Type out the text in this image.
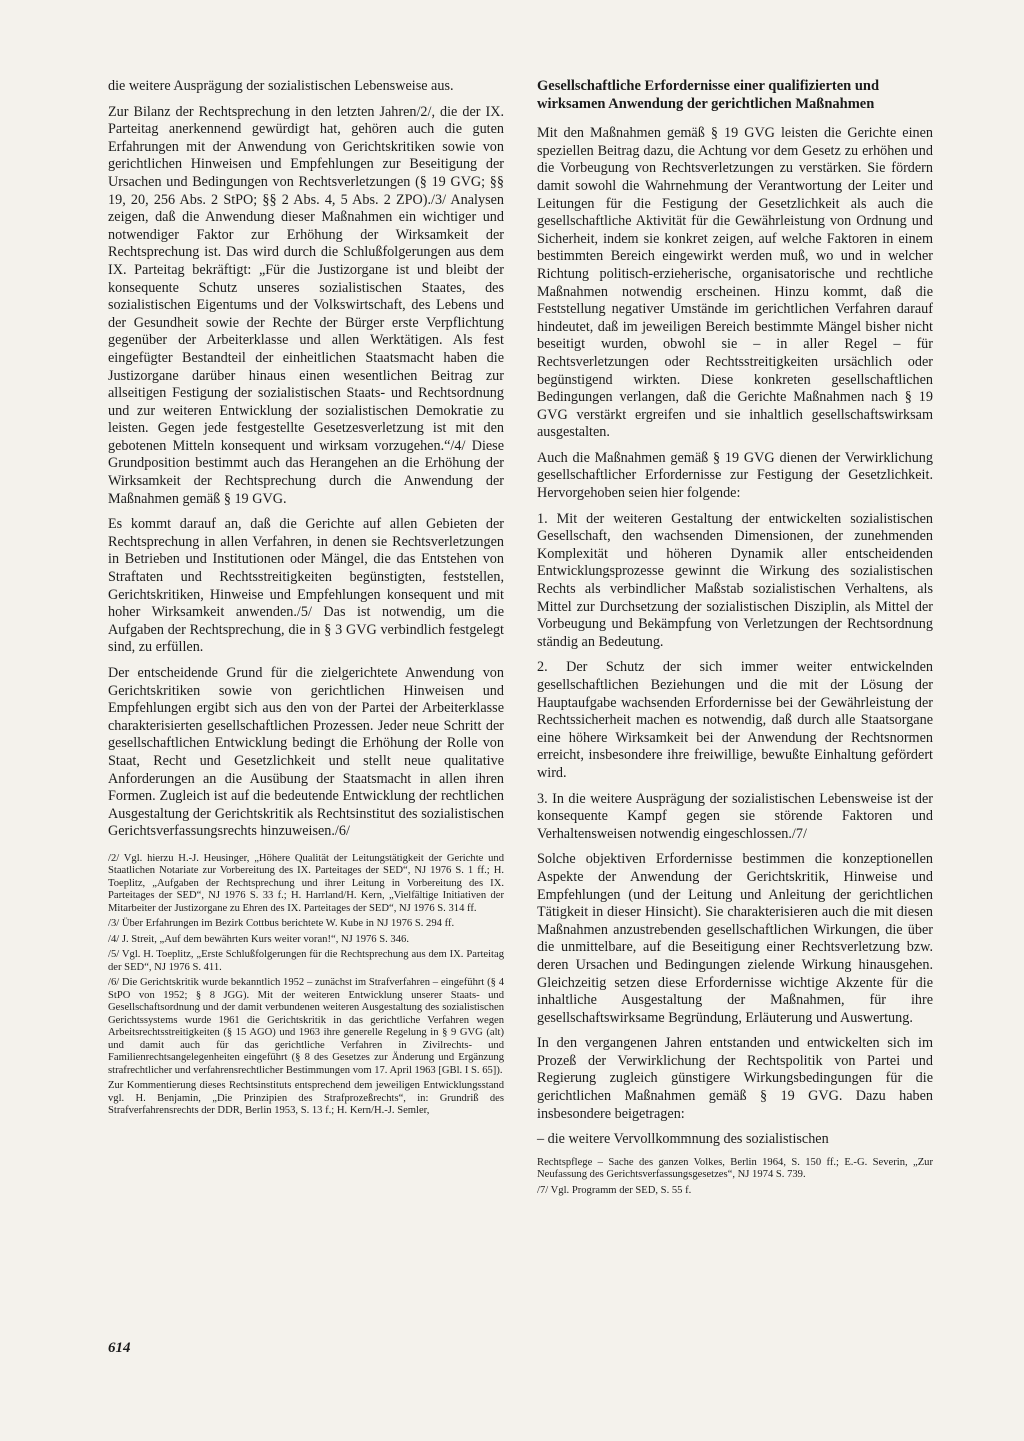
die weitere Ausprägung der sozialistischen Lebensweise aus.

Zur Bilanz der Rechtsprechung in den letzten Jahren/2/, die der IX. Parteitag anerkennend gewürdigt hat, gehören auch die guten Erfahrungen mit der Anwendung von Gerichtskritiken sowie von gerichtlichen Hinweisen und Empfehlungen zur Beseitigung der Ursachen und Bedingungen von Rechtsverletzungen (§ 19 GVG; §§ 19, 20, 256 Abs. 2 StPO; §§ 2 Abs. 4, 5 Abs. 2 ZPO)./3/ Analysen zeigen, daß die Anwendung dieser Maßnahmen ein wichtiger und notwendiger Faktor zur Erhöhung der Wirksamkeit der Rechtsprechung ist. Das wird durch die Schlußfolgerungen aus dem IX. Parteitag bekräftigt: „Für die Justizorgane ist und bleibt der konsequente Schutz unseres sozialistischen Staates, des sozialistischen Eigentums und der Volkswirtschaft, des Lebens und der Gesundheit sowie der Rechte der Bürger erste Verpflichtung gegenüber der Arbeiterklasse und allen Werktätigen. Als fest eingefügter Bestandteil der einheitlichen Staatsmacht haben die Justizorgane darüber hinaus einen wesentlichen Beitrag zur allseitigen Festigung der sozialistischen Staats- und Rechtsordnung und zur weiteren Entwicklung der sozialistischen Demokratie zu leisten. Gegen jede festgestellte Gesetzesverletzung ist mit den gebotenen Mitteln konsequent und wirksam vorzugehen.“/4/ Diese Grundposition bestimmt auch das Herangehen an die Erhöhung der Wirksamkeit der Rechtsprechung durch die Anwendung der Maßnahmen gemäß § 19 GVG.

Es kommt darauf an, daß die Gerichte auf allen Gebieten der Rechtsprechung in allen Verfahren, in denen sie Rechtsverletzungen in Betrieben und Institutionen oder Mängel, die das Entstehen von Straftaten und Rechtsstreitigkeiten begünstigten, feststellen, Gerichtskritiken, Hinweise und Empfehlungen konsequent und mit hoher Wirksamkeit anwenden./5/ Das ist notwendig, um die Aufgaben der Rechtsprechung, die in § 3 GVG verbindlich festgelegt sind, zu erfüllen.

Der entscheidende Grund für die zielgerichtete Anwendung von Gerichtskritiken sowie von gerichtlichen Hinweisen und Empfehlungen ergibt sich aus den von der Partei der Arbeiterklasse charakterisierten gesellschaftlichen Prozessen. Jeder neue Schritt der gesellschaftlichen Entwicklung bedingt die Erhöhung der Rolle von Staat, Recht und Gesetzlichkeit und stellt neue qualitative Anforderungen an die Ausübung der Staatsmacht in allen ihren Formen. Zugleich ist auf die bedeutende Entwicklung der rechtlichen Ausgestaltung der Gerichtskritik als Rechtsinstitut des sozialistischen Gerichtsverfassungsrechts hinzuweisen./6/

/2/ Vgl. hierzu H.-J. Heusinger, „Höhere Qualität der Leitungstätigkeit der Gerichte und Staatlichen Notariate zur Vorbereitung des IX. Parteitages der SED“, NJ 1976 S. 1 ff.; H. Toeplitz, „Aufgaben der Rechtsprechung und ihrer Leitung in Vorbereitung des IX. Parteitages der SED“, NJ 1976 S. 33 f.; H. Harrland/H. Kern, „Vielfältige Initiativen der Mitarbeiter der Justizorgane zu Ehren des IX. Parteitages der SED“, NJ 1976 S. 314 ff.

/3/ Über Erfahrungen im Bezirk Cottbus berichtete W. Kube in NJ 1976 S. 294 ff.

/4/ J. Streit, „Auf dem bewährten Kurs weiter voran!“, NJ 1976 S. 346.

/5/ Vgl. H. Toeplitz, „Erste Schlußfolgerungen für die Rechtsprechung aus dem IX. Parteitag der SED“, NJ 1976 S. 411.

/6/ Die Gerichtskritik wurde bekanntlich 1952 – zunächst im Strafverfahren – eingeführt (§ 4 StPO von 1952; § 8 JGG). Mit der weiteren Entwicklung unserer Staats- und Gesellschaftsordnung und der damit verbundenen weiteren Ausgestaltung des sozialistischen Gerichtssystems wurde 1961 die Gerichtskritik in das gerichtliche Verfahren wegen Arbeitsrechtsstreitigkeiten (§ 15 AGO) und 1963 ihre generelle Regelung in § 9 GVG (alt) und damit auch für das gerichtliche Verfahren in Zivilrechts- und Familienrechtsangelegenheiten eingeführt (§ 8 des Gesetzes zur Änderung und Ergänzung strafrechtlicher und verfahrensrechtlicher Bestimmungen vom 17. April 1963 [GBl. I S. 65]).

Zur Kommentierung dieses Rechtsinstituts entsprechend dem jeweiligen Entwicklungsstand vgl. H. Benjamin, „Die Prinzipien des Strafprozeßrechts“, in: Grundriß des Strafverfahrensrechts der DDR, Berlin 1953, S. 13 f.; H. Kern/H.-J. Semler,

Gesellschaftliche Erfordernisse einer qualifizierten und wirksamen Anwendung der gerichtlichen Maßnahmen

Mit den Maßnahmen gemäß § 19 GVG leisten die Gerichte einen speziellen Beitrag dazu, die Achtung vor dem Gesetz zu erhöhen und die Vorbeugung von Rechtsverletzungen zu verstärken. Sie fördern damit sowohl die Wahrnehmung der Verantwortung der Leiter und Leitungen für die Festigung der Gesetzlichkeit als auch die gesellschaftliche Aktivität für die Gewährleistung von Ordnung und Sicherheit, indem sie konkret zeigen, auf welche Faktoren in einem bestimmten Bereich eingewirkt werden muß, wo und in welcher Richtung politisch-erzieherische, organisatorische und rechtliche Maßnahmen notwendig erscheinen. Hinzu kommt, daß die Feststellung negativer Umstände im gerichtlichen Verfahren darauf hindeutet, daß im jeweiligen Bereich bestimmte Mängel bisher nicht beseitigt wurden, obwohl sie – in aller Regel – für Rechtsverletzungen oder Rechtsstreitigkeiten ursächlich oder begünstigend wirkten. Diese konkreten gesellschaftlichen Bedingungen verlangen, daß die Gerichte Maßnahmen nach § 19 GVG verstärkt ergreifen und sie inhaltlich gesellschaftswirksam ausgestalten.

Auch die Maßnahmen gemäß § 19 GVG dienen der Verwirklichung gesellschaftlicher Erfordernisse zur Festigung der Gesetzlichkeit. Hervorgehoben seien hier folgende:

1. Mit der weiteren Gestaltung der entwickelten sozialistischen Gesellschaft, den wachsenden Dimensionen, der zunehmenden Komplexität und höheren Dynamik aller entscheidenden Entwicklungsprozesse gewinnt die Wirkung des sozialistischen Rechts als verbindlicher Maßstab sozialistischen Verhaltens, als Mittel zur Durchsetzung der sozialistischen Disziplin, als Mittel der Vorbeugung und Bekämpfung von Verletzungen der Rechtsordnung ständig an Bedeutung.

2. Der Schutz der sich immer weiter entwickelnden gesellschaftlichen Beziehungen und die mit der Lösung der Hauptaufgabe wachsenden Erfordernisse bei der Gewährleistung der Rechtssicherheit machen es notwendig, daß durch alle Staatsorgane eine höhere Wirksamkeit bei der Anwendung der Rechtsnormen erreicht, insbesondere ihre freiwillige, bewußte Einhaltung gefördert wird.

3. In die weitere Ausprägung der sozialistischen Lebensweise ist der konsequente Kampf gegen sie störende Faktoren und Verhaltensweisen notwendig eingeschlossen./7/

Solche objektiven Erfordernisse bestimmen die konzeptionellen Aspekte der Anwendung der Gerichtskritik, Hinweise und Empfehlungen (und der Leitung und Anleitung der gerichtlichen Tätigkeit in dieser Hinsicht). Sie charakterisieren auch die mit diesen Maßnahmen anzustrebenden gesellschaftlichen Wirkungen, die über die unmittelbare, auf die Beseitigung einer Rechtsverletzung bzw. deren Ursachen und Bedingungen zielende Wirkung hinausgehen. Gleichzeitig setzen diese Erfordernisse wichtige Akzente für die inhaltliche Ausgestaltung der Maßnahmen, für ihre gesellschaftswirksame Begründung, Erläuterung und Auswertung.

In den vergangenen Jahren entstanden und entwickelten sich im Prozeß der Verwirklichung der Rechtspolitik von Partei und Regierung zugleich günstigere Wirkungsbedingungen für die gerichtlichen Maßnahmen gemäß § 19 GVG. Dazu haben insbesondere beigetragen:

– die weitere Vervollkommnung des sozialistischen

Rechtspflege – Sache des ganzen Volkes, Berlin 1964, S. 150 ff.; E.-G. Severin, „Zur Neufassung des Gerichtsverfassungsgesetzes“, NJ 1974 S. 739.

/7/ Vgl. Programm der SED, S. 55 f.

614
